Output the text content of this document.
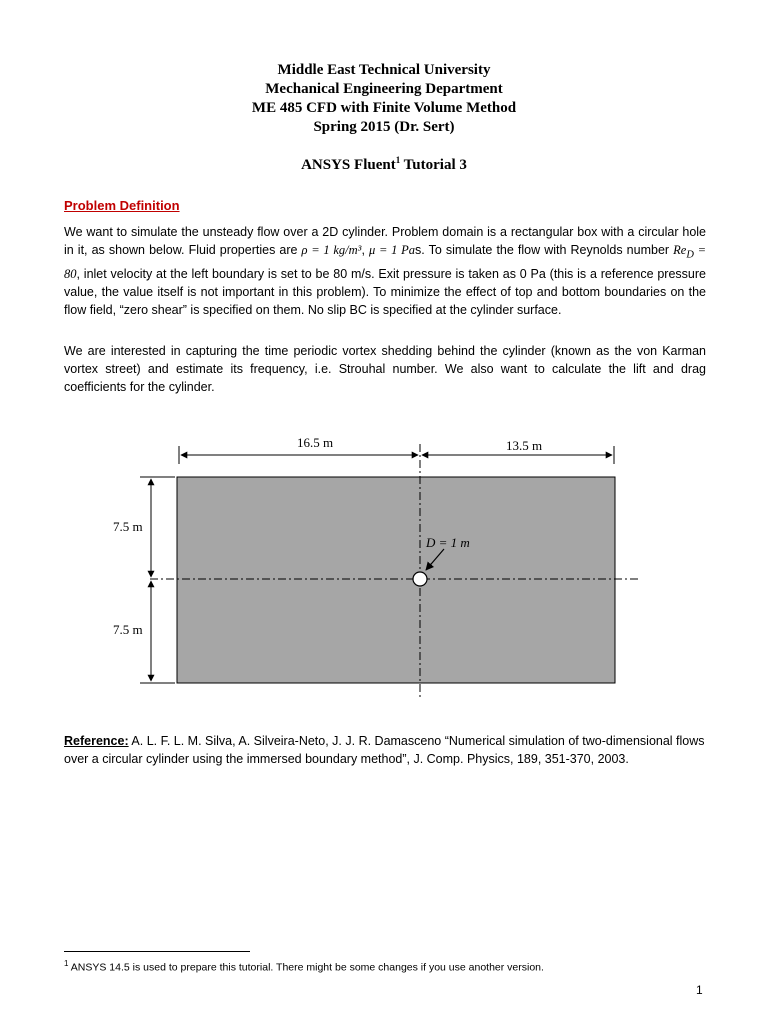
Middle East Technical University
Mechanical Engineering Department
ME 485 CFD with Finite Volume Method
Spring 2015 (Dr. Sert)
ANSYS Fluent$^1$ Tutorial 3
Problem Definition
We want to simulate the unsteady flow over a 2D cylinder. Problem domain is a rectangular box with a circular hole in it, as shown below. Fluid properties are ρ = 1 kg/m³, μ = 1 Pas. To simulate the flow with Reynolds number $Re_D = 80$, inlet velocity at the left boundary is set to be 80 m/s. Exit pressure is taken as 0 Pa (this is a reference pressure value, the value itself is not important in this problem). To minimize the effect of top and bottom boundaries on the flow field, “zero shear” is specified on them. No slip BC is specified at the cylinder surface.
We are interested in capturing the time periodic vortex shedding behind the cylinder (known as the von Karman vortex street) and estimate its frequency, i.e. Strouhal number. We also want to calculate the lift and drag coefficients for the cylinder.
16.5 m	13.5 m
7.5 m
7.5 m
D = 1 m
Reference: A. L. F. L. M. Silva, A. Silveira-Neto, J. J. R. Damasceno “Numerical simulation of two-dimensional flows over a circular cylinder using the immersed boundary method”, J. Comp. Physics, 189, 351-370, 2003.
$^1$ ANSYS 14.5 is used to prepare this tutorial. There might be some changes if you use another version.
1
